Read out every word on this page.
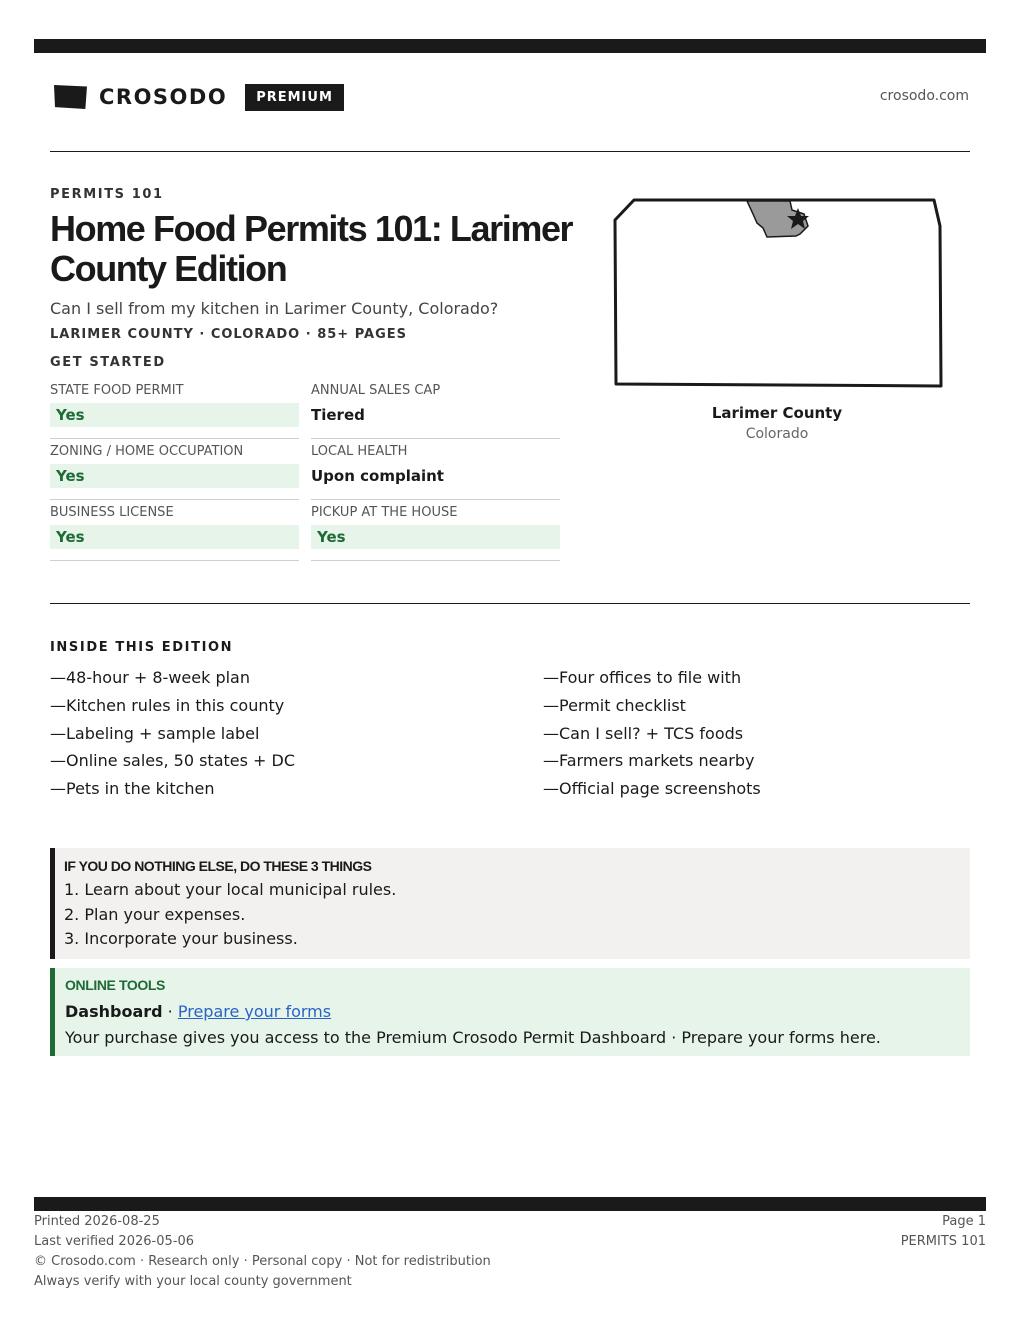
CROSODO	PREMIUM	crosodo.com
PERMITS 101
Home Food Permits 101: Larimer County Edition
Can I sell from my kitchen in Larimer County, Colorado?
LARIMER COUNTY · COLORADO · 85+ PAGES
GET STARTED
STATE FOOD PERMIT
Yes
ANNUAL SALES CAP
Tiered
ZONING / HOME OCCUPATION
Yes
LOCAL HEALTH
Upon complaint
BUSINESS LICENSE
Yes
PICKUP AT THE HOUSE
Yes
Larimer County
Colorado
INSIDE THIS EDITION
—48-hour + 8-week plan
—Kitchen rules in this county
—Labeling + sample label
—Online sales, 50 states + DC
—Pets in the kitchen
—Four offices to file with
—Permit checklist
—Can I sell? + TCS foods
—Farmers markets nearby
—Official page screenshots
IF YOU DO NOTHING ELSE, DO THESE 3 THINGS
1. Learn about your local municipal rules.
2. Plan your expenses.
3. Incorporate your business.
ONLINE TOOLS
Dashboard · Prepare your forms
Your purchase gives you access to the Premium Crosodo Permit Dashboard · Prepare your forms here.
Printed 2026-08-25
Last verified 2026-05-06
© Crosodo.com · Research only · Personal copy · Not for redistribution
Always verify with your local county government
Page 1
PERMITS 101
